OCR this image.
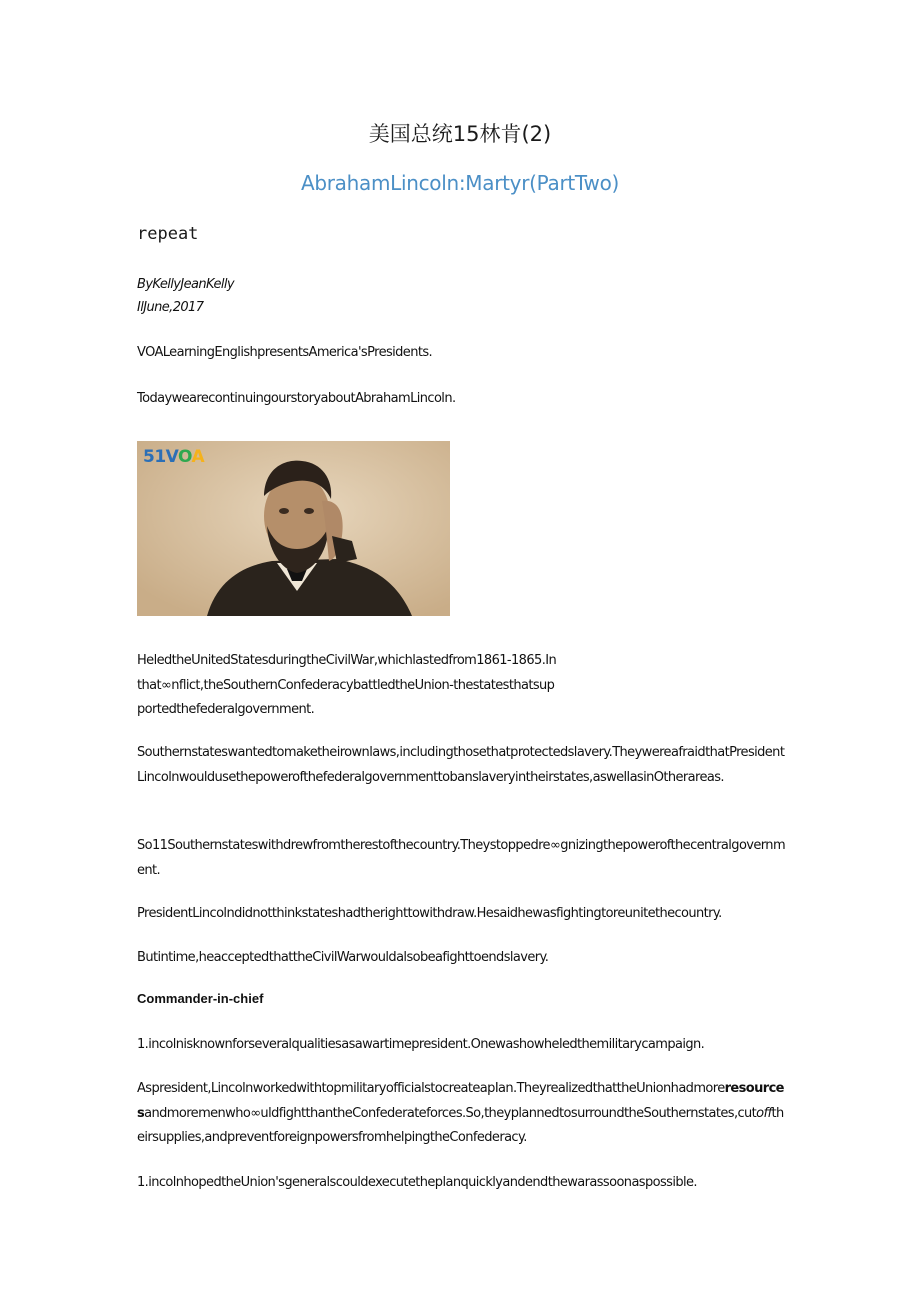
美国总统15林肯(2)
AbrahamLincoln:Martyr(PartTwo)
repeat
ByKellyJeanKelly
IlJune,2017
VOALearningEnglishpresentsAmerica'sPresidents.
TodaywearecontinuingourstoryaboutAbrahamLincoln.
51VOA
HeledtheUnitedStatesduringtheCivilWar,whichlastedfrom1861-1865.Inthat∞nflict,theSouthernConfederacybattledtheUnion-thestatesthatsupportedthefederalgovernment.
Southernstateswantedtomaketheirownlaws,includingthosethatprotectedslavery.TheywereafraidthatPresidentLincolnwouldusethepowerofthefederalgovernmenttobanslaveryintheirstates,aswellasinOtherareas.
So11Southernstateswithdrewfromtherestofthecountry.Theystoppedre∞gnizingthepowerofthecentralgovernment.
PresidentLincolndidnotthinkstateshadtherighttowithdraw.Hesaidhewasfightingtoreunitethecountry.
Butintime,heacceptedthattheCivilWarwouldalsobeafighttoendslavery.
Commander-in-chief
1.incolnisknownforseveralqualitiesasawartimepresident.Onewashowheledthemilitarycampaign.
Aspresident,LincolnworkedwithtopmilitaryofficialstocreateapIan.TheyrealizedthattheUnionhadmoreresourcesandmoremenwho∞uldfightthantheConfederateforces.So,theyplannedtosurroundtheSouthernstates,cutofftheirsupplies,andpreventforeignpowersfromhelpingtheConfederacy.
1.incolnhopedtheUnion'sgeneralscouldexecutetheplanquicklyandendthewarassoonaspossible.
